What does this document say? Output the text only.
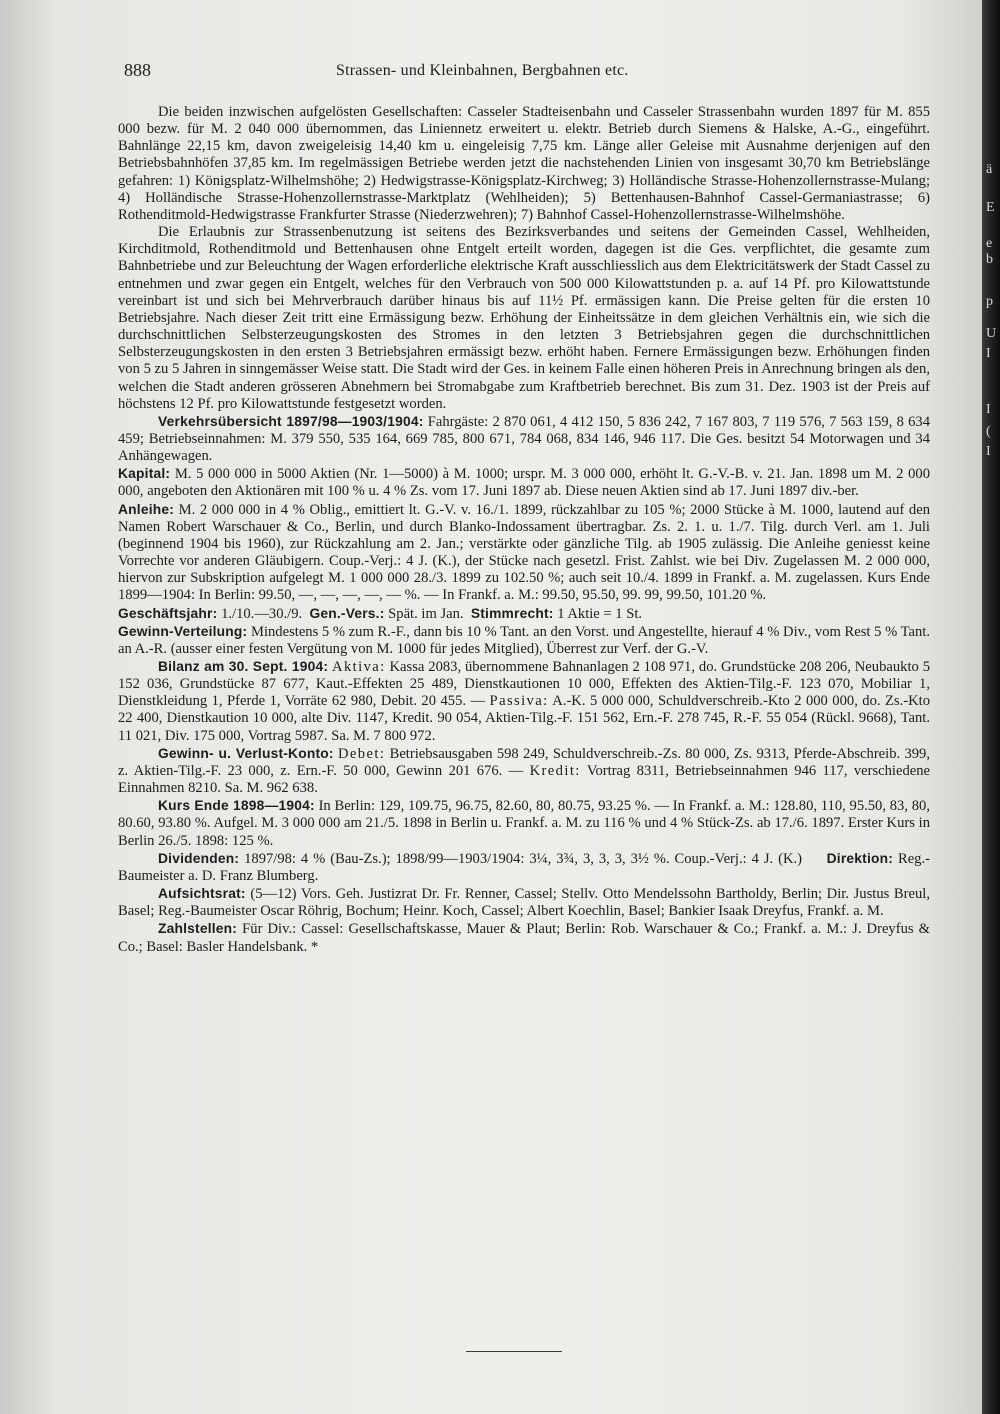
888	Strassen- und Kleinbahnen, Bergbahnen etc.

Die beiden inzwischen aufgelösten Gesellschaften: Casseler Stadteisenbahn und Casseler Strassenbahn wurden 1897 für M. 855 000 bezw. für M. 2 040 000 übernommen, das Liniennetz erweitert u. elektr. Betrieb durch Siemens & Halske, A.-G., eingeführt. Bahnlänge 22,15 km, davon zweigeleisig 14,40 km u. eingeleisig 7,75 km. Länge aller Geleise mit Ausnahme derjenigen auf den Betriebsbahnhöfen 37,85 km. Im regelmässigen Betriebe werden jetzt die nachstehenden Linien von insgesamt 30,70 km Betriebslänge gefahren: 1) Königsplatz-Wilhelmshöhe; 2) Hedwigstrasse-Königsplatz-Kirchweg; 3) Holländische Strasse-Hohenzollernstrasse-Mulang; 4) Holländische Strasse-Hohenzollernstrasse-Marktplatz (Wehlheiden); 5) Bettenhausen-Bahnhof Cassel-Germaniastrasse; 6) Rothenditmold-Hedwigstrasse Frankfurter Strasse (Niederzwehren); 7) Bahnhof Cassel-Hohenzollernstrasse-Wilhelmshöhe.

Die Erlaubnis zur Strassenbenutzung ist seitens des Bezirksverbandes und seitens der Gemeinden Cassel, Wehlheiden, Kirchditmold, Rothenditmold und Bettenhausen ohne Entgelt erteilt worden, dagegen ist die Ges. verpflichtet, die gesamte zum Bahnbetriebe und zur Beleuchtung der Wagen erforderliche elektrische Kraft ausschliesslich aus dem Elektricitätswerk der Stadt Cassel zu entnehmen und zwar gegen ein Entgelt, welches für den Verbrauch von 500 000 Kilowattstunden p. a. auf 14 Pf. pro Kilowattstunde vereinbart ist und sich bei Mehrverbrauch darüber hinaus bis auf 11½ Pf. ermässigen kann. Die Preise gelten für die ersten 10 Betriebsjahre. Nach dieser Zeit tritt eine Ermässigung bezw. Erhöhung der Einheitssätze in dem gleichen Verhältnis ein, wie sich die durchschnittlichen Selbsterzeugungskosten des Stromes in den letzten 3 Betriebsjahren gegen die durchschnittlichen Selbsterzeugungskosten in den ersten 3 Betriebsjahren ermässigt bezw. erhöht haben. Fernere Ermässigungen bezw. Erhöhungen finden von 5 zu 5 Jahren in sinngemässer Weise statt. Die Stadt wird der Ges. in keinem Falle einen höheren Preis in Anrechnung bringen als den, welchen die Stadt anderen grösseren Abnehmern bei Stromabgabe zum Kraftbetrieb berechnet. Bis zum 31. Dez. 1903 ist der Preis auf höchstens 12 Pf. pro Kilowattstunde festgesetzt worden.

Verkehrsübersicht 1897/98—1903/1904: Fahrgäste: 2 870 061, 4 412 150, 5 836 242, 7 167 803, 7 119 576, 7 563 159, 8 634 459; Betriebseinnahmen: M. 379 550, 535 164, 669 785, 800 671, 784 068, 834 146, 946 117. Die Ges. besitzt 54 Motorwagen und 34 Anhängewagen.

Kapital: M. 5 000 000 in 5000 Aktien (Nr. 1—5000) à M. 1000; urspr. M. 3 000 000, erhöht lt. G.-V.-B. v. 21. Jan. 1898 um M. 2 000 000, angeboten den Aktionären mit 100 % u. 4 % Zs. vom 17. Juni 1897 ab. Diese neuen Aktien sind ab 17. Juni 1897 div.-ber.

Anleihe: M. 2 000 000 in 4 % Oblig., emittiert lt. G.-V. v. 16./1. 1899, rückzahlbar zu 105 %; 2000 Stücke à M. 1000, lautend auf den Namen Robert Warschauer & Co., Berlin, und durch Blanko-Indossament übertragbar. Zs. 2. 1. u. 1./7. Tilg. durch Verl. am 1. Juli (beginnend 1904 bis 1960), zur Rückzahlung am 2. Jan.; verstärkte oder gänzliche Tilg. ab 1905 zulässig. Die Anleihe geniesst keine Vorrechte vor anderen Gläubigern. Coup.-Verj.: 4 J. (K.), der Stücke nach gesetzl. Frist. Zahlst. wie bei Div. Zugelassen M. 2 000 000, hiervon zur Subskription aufgelegt M. 1 000 000 28./3. 1899 zu 102.50 %; auch seit 10./4. 1899 in Frankf. a. M. zugelassen. Kurs Ende 1899—1904: In Berlin: 99.50, —, —, —, —, — %. — In Frankf. a. M.: 99.50, 95.50, 99. 99, 99.50, 101.20 %.

Geschäftsjahr: 1./10.—30./9. Gen.-Vers.: Spät. im Jan. Stimmrecht: 1 Aktie = 1 St.

Gewinn-Verteilung: Mindestens 5 % zum R.-F., dann bis 10 % Tant. an den Vorst. und Angestellte, hierauf 4 % Div., vom Rest 5 % Tant. an A.-R. (ausser einer festen Vergütung von M. 1000 für jedes Mitglied), Überrest zur Verf. der G.-V.

Bilanz am 30. Sept. 1904: Aktiva: Kassa 2083, übernommene Bahnanlagen 2 108 971, do. Grundstücke 208 206, Neubaukto 5 152 036, Grundstücke 87 677, Kaut.-Effekten 25 489, Dienstkautionen 10 000, Effekten des Aktien-Tilg.-F. 123 070, Mobiliar 1, Dienstkleidung 1, Pferde 1, Vorräte 62 980, Debit. 20 455. — Passiva: A.-K. 5 000 000, Schuldverschreib.-Kto 2 000 000, do. Zs.-Kto 22 400, Dienstkaution 10 000, alte Div. 1147, Kredit. 90 054, Aktien-Tilg.-F. 151 562, Ern.-F. 278 745, R.-F. 55 054 (Rückl. 9668), Tant. 11 021, Div. 175 000, Vortrag 5987. Sa. M. 7 800 972.

Gewinn- u. Verlust-Konto: Debet: Betriebsausgaben 598 249, Schuldverschreib.-Zs. 80 000, Zs. 9313, Pferde-Abschreib. 399, z. Aktien-Tilg.-F. 23 000, z. Ern.-F. 50 000, Gewinn 201 676. — Kredit: Vortrag 8311, Betriebseinnahmen 946 117, verschiedene Einnahmen 8210. Sa. M. 962 638.

Kurs Ende 1898—1904: In Berlin: 129, 109.75, 96.75, 82.60, 80, 80.75, 93.25 %. — In Frankf. a. M.: 128.80, 110, 95.50, 83, 80, 80.60, 93.80 %. Aufgel. M. 3 000 000 am 21./5. 1898 in Berlin u. Frankf. a. M. zu 116 % und 4 % Stück-Zs. ab 17./6. 1897. Erster Kurs in Berlin 26./5. 1898: 125 %.

Dividenden: 1897/98: 4 % (Bau-Zs.); 1898/99—1903/1904: 3¼, 3¾, 3, 3, 3, 3½ %. Coup.-Verj.: 4 J. (K.) Direktion: Reg.-Baumeister a. D. Franz Blumberg.

Aufsichtsrat: (5—12) Vors. Geh. Justizrat Dr. Fr. Renner, Cassel; Stellv. Otto Mendelssohn Bartholdy, Berlin; Dir. Justus Breul, Basel; Reg.-Baumeister Oscar Röhrig, Bochum; Heinr. Koch, Cassel; Albert Koechlin, Basel; Bankier Isaak Dreyfus, Frankf. a. M.

Zahlstellen: Für Div.: Cassel: Gesellschaftskasse, Mauer & Plaut; Berlin: Rob. Warschauer & Co.; Frankf. a. M.: J. Dreyfus & Co.; Basel: Basler Handelsbank. *

ä
E
e
b
p
U
I
I
(
I
